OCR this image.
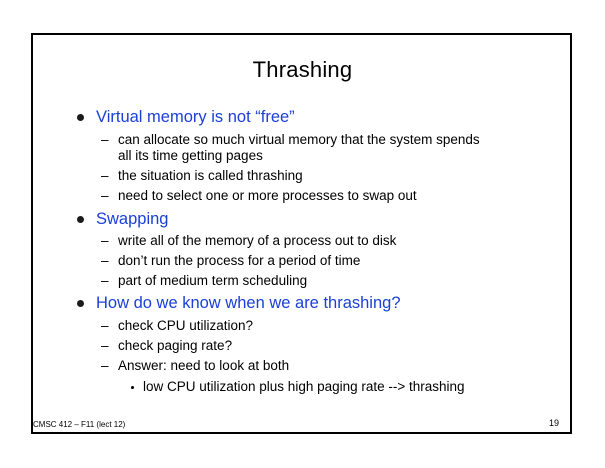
Thrashing
Virtual memory is not “free”
– can allocate so much virtual memory that the system spends
all its time getting pages
– the situation is called thrashing
– need to select one or more processes to swap out
Swapping
– write all of the memory of a process out to disk
– don’t run the process for a period of time
– part of medium term scheduling
How do we know when we are thrashing?
– check CPU utilization?
– check paging rate?
– Answer: need to look at both
low CPU utilization plus high paging rate --> thrashing
CMSC 412 – F11 (lect 12)	19
